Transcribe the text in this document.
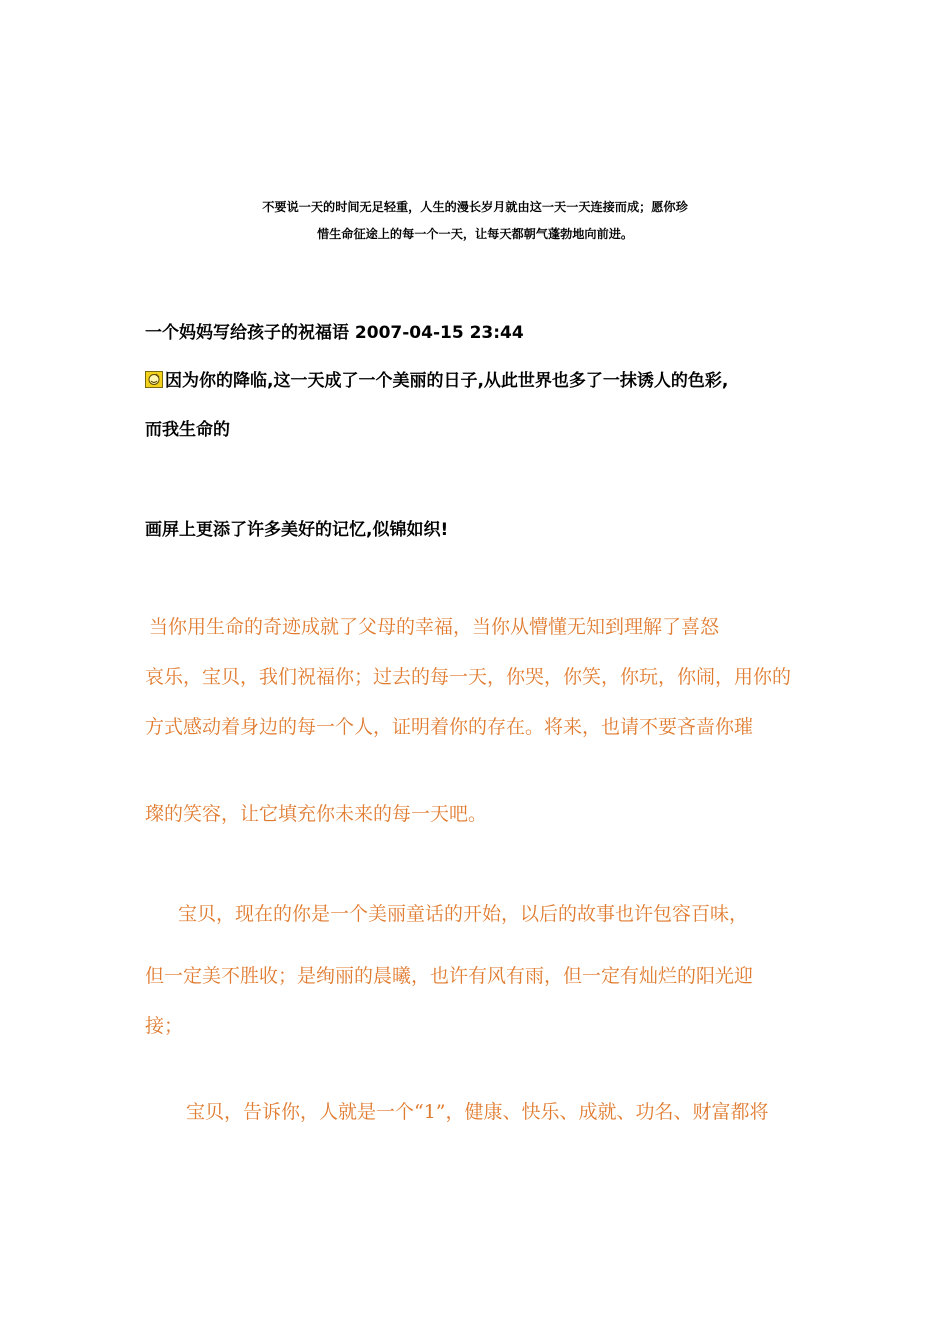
不要说一天的时间无足轻重，人生的漫长岁月就由这一天一天连接而成；愿你珍
惜生命征途上的每一个一天，让每天都朝气蓬勃地向前进。
一个妈妈写给孩子的祝福语 2007-04-15 23:44
因为你的降临,这一天成了一个美丽的日子,从此世界也多了一抹诱人的色彩,
而我生命的
画屏上更添了许多美好的记忆,似锦如织!
当你用生命的奇迹成就了父母的幸福，当你从懵懂无知到理解了喜怒
哀乐，宝贝，我们祝福你；过去的每一天，你哭，你笑，你玩，你闹，用你的
方式感动着身边的每一个人，证明着你的存在。将来，也请不要吝啬你璀
璨的笑容，让它填充你未来的每一天吧。
宝贝，现在的你是一个美丽童话的开始，以后的故事也许包容百味，
但一定美不胜收；是绚丽的晨曦，也许有风有雨，但一定有灿烂的阳光迎
接；
宝贝，告诉你，人就是一个“1”，健康、快乐、成就、功名、财富都将
